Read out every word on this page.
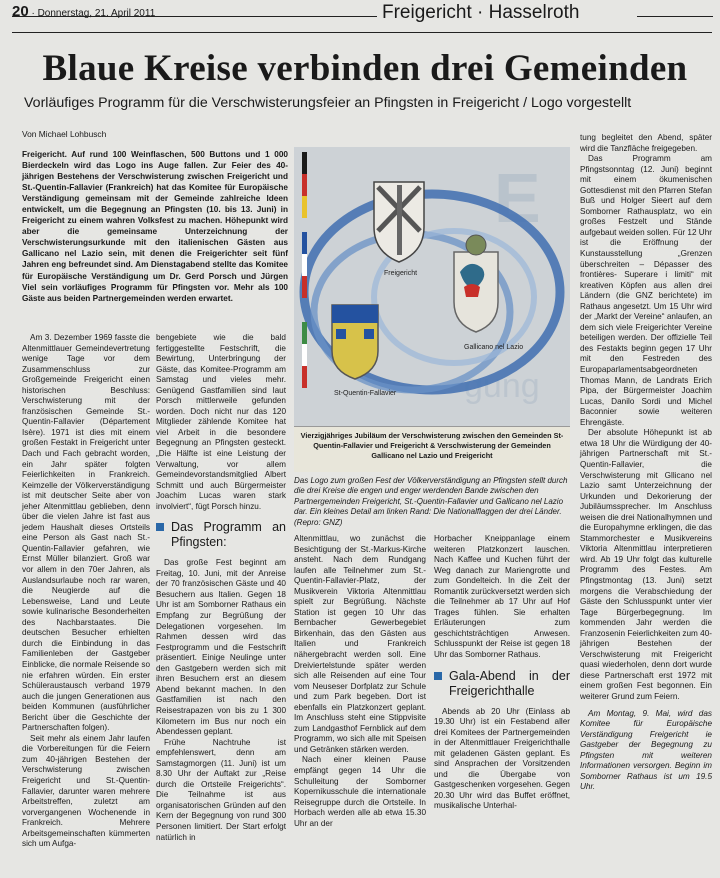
20 · Donnerstag, 21. April 2011	Freigericht · Hasselroth
Blaue Kreise verbinden drei Gemeinden
Vorläufiges Programm für die Verschwisterungsfeier an Pfingsten in Freigericht / Logo vorgestellt
Von Michael Lohbusch
Freigericht. Auf rund 100 Weinflaschen, 500 Buttons und 1 000 Bierdeckeln wird das Logo ins Auge fallen. Zur Feier des 40-jährigen Bestehens der Verschwisterung zwischen Freigericht und St.-Quentin-Fallavier (Frankreich) hat das Komitee für Europäische Verständigung gemeinsam mit der Gemeinde zahlreiche Ideen entwickelt, um die Begegnung an Pfingsten (10. bis 13. Juni) in Freigericht zu einem wahren Volksfest zu machen. Höhepunkt wird aber die gemeinsame Unterzeichnung der Verschwisterungsurkunde mit den italienischen Gästen aus Gallicano nel Lazio sein, mit denen die Freigerichter seit fünf Jahren eng befreundet sind. Am Dienstagabend stellte das Komitee für Europäische Verständigung um Dr. Gerd Porsch und Jürgen Viel sein vorläufiges Programm für Pfingsten vor. Mehr als 100 Gäste aus beiden Partnergemeinden werden erwartet.

Am 3. Dezember 1969 fasste die Altenmittlauer Gemeindevertretung wenige Tage vor dem Zusammenschluss zur Großgemeinde Freigericht einen historischen Beschluss: Verschwisterung mit der französischen Gemeinde St.-Quentin-Fallavier (Département Isère). 1971 ist dies mit einem großen Festakt in Freigericht unter Dach und Fach gebracht worden, ein Jahr später folgten Feierlichkeiten in Frankreich. Keimzelle der Völkerverständigung ist mit deutscher Seite aber von jeher Altenmittlau geblieben, denn über die vielen Jahre ist fast aus jedem Haushalt dieses Ortsteils eine Person als Gast nach St.-Quentin-Fallavier gefahren, wie Ernst Müller bilanziert. Groß war vor allem in den 70er Jahren, als Auslandsurlaube noch rar waren, die Neugierde auf die Lebensweise, Land und Leute sowie kulinarische Besonderheiten des Nachbarstaates. Die deutschen Besucher erhielten durch die Einbindung in das Familienleben der Gastgeber Einblicke, die normale Reisende so nie erfahren würden. Ein erster Schüleraustausch verband 1979 auch die jungen Generationen aus beiden Kommunen (ausführlicher Bericht über die Geschichte der Partnerschaften folgen).

Seit mehr als einem Jahr laufen die Vorbereitungen für die Feiern zum 40-jährigen Bestehen der Verschwisterung zwischen Freigericht und St.-Quentin-Fallavier, darunter waren mehrere Arbeitstreffen, zuletzt am vorvergangenen Wochenende in Frankreich. Mehrere Arbeitsgemeinschaften kümmerten sich um Aufga-

bengebiete wie die bald fertiggestellte Festschrift, die Bewirtung, Unterbringung der Gäste, das Komitee-Programm am Samstag und vieles mehr. Genügend Gastfamilien sind laut Porsch mittlerweile gefunden worden. Doch nicht nur das 120 Mitglieder zählende Komitee hat viel Arbeit in die besondere Begegnung an Pfingsten gesteckt. „Die Hälfte ist eine Leistung der Verwaltung, vor allem Gemeindevorstandsmitglied Albert Schmitt und auch Bürgermeister Joachim Lucas waren stark involviert“, fügt Porsch hinzu.

Das Programm an Pfingsten:

Das große Fest beginnt am Freitag, 10. Juni, mit der Anreise der 70 französischen Gäste und 40 Besuchern aus Italien. Gegen 18 Uhr ist am Somborner Rathaus ein Empfang zur Begrüßung der Delegationen vorgesehen. Im Rahmen dessen wird das Festprogramm und die Festschrift präsentiert. Einige Neulinge unter den Gastgebern werden sich mit ihren Besuchern erst an diesem Abend bekannt machen. In den Gastfamilien ist nach den Reisestrapazen von bis zu 1 300 Kilometern im Bus nur noch ein Abendessen geplant.

Frühe Nachtruhe ist empfehlenswert, denn am Samstagmorgen (11. Juni) ist um 8.30 Uhr der Auftakt zur „Reise durch die Ortsteile Freigerichts“. Die Teilnahme ist aus organisatorischen Gründen auf den Kern der Begegnung von rund 300 Personen limitiert. Der Start erfolgt natürlich in

E
gung
Freigericht
Gallicano nel Lazio
St-Quentin-Fallavier
Vierzigjähriges Jubiläum der Verschwisterung zwischen den Gemeinden St-Quentin-Fallavier und Freigericht & Verschwisterung der Gemeinden Gallicano nel Lazio und Freigericht
Das Logo zum großen Fest der Völkerverständigung an Pfingsten stellt durch die drei Kreise die engen und enger werdenden Bande zwischen den Partnergemeinden Freigericht, St.-Quentin-Fallavier und Gallicano nel Lazio dar. Ein kleines Detail am linken Rand: Die Nationalflaggen der drei Länder. (Repro: GNZ)

Altenmittlau, wo zunächst die Besichtigung der St.-Markus-Kirche ansteht. Nach dem Rundgang laufen alle Teilnehmer zum St.-Quentin-Fallavier-Platz, der Musikverein Viktoria Altenmittlau spielt zur Begrüßung. Nächste Station ist gegen 10 Uhr das Bernbacher Gewerbegebiet Birkenhain, das den Gästen aus Italien und Frankreich nähergebracht werden soll. Eine Dreiviertelstunde später werden sich alle Reisenden auf eine Tour vom Neuseser Dorfplatz zur Schule und zum Park begeben. Dort ist ebenfalls ein Platzkonzert geplant. Im Anschluss steht eine Stippvisite zum Landgasthof Fernblick auf dem Programm, wo sich alle mit Speisen und Getränken stärken werden.

Nach einer kleinen Pause empfängt gegen 14 Uhr die Schulleitung der Somborner Kopernikusschule die internationale Reisegruppe durch die Ortsteile. In Horbach werden alle ab etwa 15.30 Uhr an der

Horbacher Kneippanlage einem weiteren Platzkonzert lauschen. Nach Kaffee und Kuchen führt der Weg danach zur Mariengrotte und zum Gondelteich. In die Zeit der Romantik zurückversetzt werden sich die Teilnehmer ab 17 Uhr auf Hof Trages fühlen. Sie erhalten Erläuterungen zum geschichtsträchtigen Anwesen. Schlusspunkt der Reise ist gegen 18 Uhr das Somborner Rathaus.

Gala-Abend in der Freigerichthalle

Abends ab 20 Uhr (Einlass ab 19.30 Uhr) ist ein Festabend aller drei Komitees der Partnergemeinden in der Altenmittlauer Freigerichthalle mit geladenen Gästen geplant. Es sind Ansprachen der Vorsitzenden und die Übergabe von Gastgeschenken vorgesehen. Gegen 20.30 Uhr wird das Buffet eröffnet, musikalische Unterhal-

tung begleitet den Abend, später wird die Tanzfläche freigegeben.

Das Programm am Pfingstsonntag (12. Juni) beginnt mit einem ökumenischen Gottesdienst mit den Pfarren Stefan Buß und Holger Sieert auf dem Somborner Rathausplatz, wo ein großes Festzelt und Stände aufgebaut weiden sollen. Für 12 Uhr ist die Eröffnung der Kunstausstellung „Grenzen überschreiten – Dépasser des frontières- Superare i limiti“ mit kreativen Köpfen aus allen drei Ländern (die GNZ berichtete) im Rathaus angesetzt. Um 15 Uhr wird der „Markt der Vereine“ anlaufen, an dem sich viele Freigerichter Vereine beteiligen werden. Der offizielle Teil des Festakts beginn gegen 17 Uhr mit den Festreden des Europaparlamentsabgeordneten Thomas Mann, de Landrats Erich Pipa, der Bürgermeister Joachim Lucas, Danilo Sordi und Michel Baconnier sowie weiteren Ehrengäste.

Der absolute Höhepunkt ist ab etwa 18 Uhr die Würdigung der 40-jährigen Partnerschaft mit St.-Quentin-Fallavier, die Verschwisterung mit Gllicano nel Lazio samt Unterzeichnung der Urkunden und Dekorierung der Jubiläumssprecher. Im Anschluss weisen die drei Nationalhymnen und die Europahymne erklingen, die das Stammorchester e Musikvereins Viktoria Altenmittlau interpretieren wird. Ab 19 Uhr folgt das kulturelle Programm des Festes. Am Pfingstmontag (13. Juni) setzt morgens die Verabschiedung der Gäste den Schlusspunkt unter vier Tage Bürgerbegegnung. Im kommenden Jahr werden die Franzosenin Feierlichkeiten zum 40-jährigen Bestehen der Verschwisterung mit Freigericht quasi wiederholen, denn dort wurde diese Partnerschaft erst 1972 mit einem großen Fest begonnen. Ein weiterer Grund zum Feiern.

Am Montag, 9. Mai, wird das Komitee für Europäische Verständigung Freigericht ie Gastgeber der Begegnung zu Pfingsten mit weiteren Informationen versorgen. Beginn im Somborner Rathaus ist um 19.5 Uhr.
